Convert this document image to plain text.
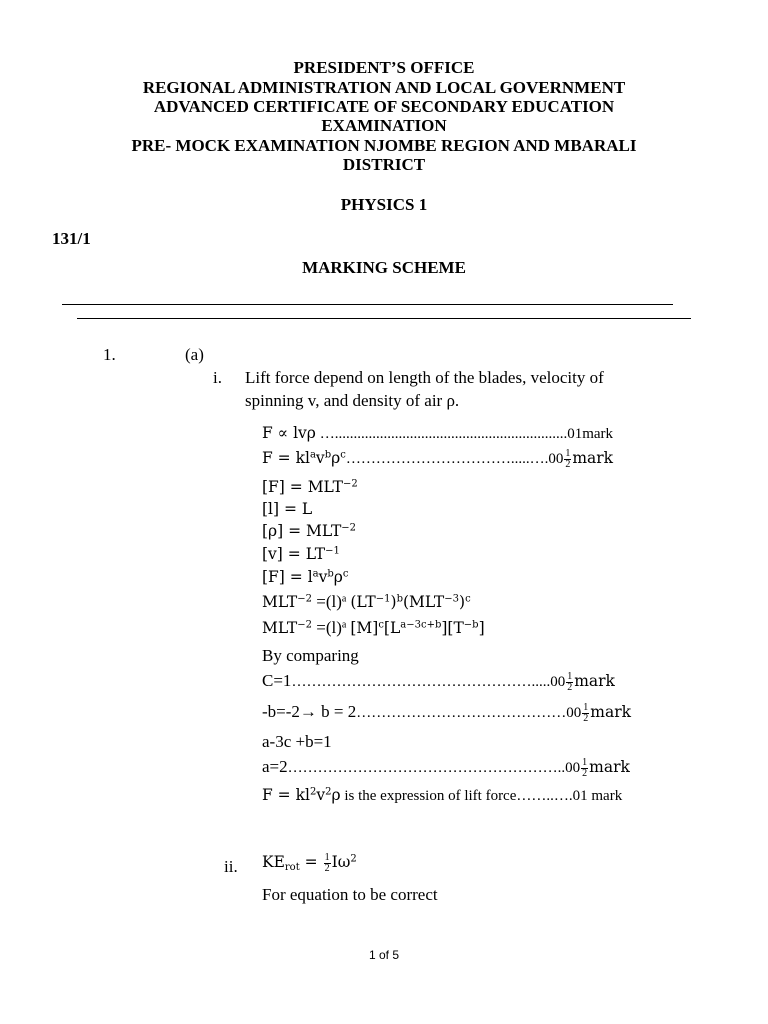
PRESIDENT’S OFFICE
REGIONAL ADMINISTRATION AND LOCAL GOVERNMENT
ADVANCED CERTIFICATE OF SECONDARY EDUCATION
EXAMINATION
PRE- MOCK EXAMINATION NJOMBE REGION AND MBARALI
DISTRICT
PHYSICS 1
131/1
MARKING SCHEME
1.	(a)
i. Lift force depend on length of the blades, velocity of
spinning v, and density of air ρ.
F ∝ lvρ …..............................................................01mark
$F = kl^av^b\rho^c\dots\dots\dots\dots\dots\dots\dots\dots\dots\dots\dots.....\dots.00 \frac{1}{2}$ mark
$[F] = MLT^{-2}$
[l] = L
$[\rho] = MLT^{-2}$
$[v] = LT^{-1}$
$[F] = l^av^b\rho^c$
$MLT^{-2} =(l)^a$ $(LT^{-1})^b(MLT^{-3})^c$
$MLT^{-2} =(l)^a$ $[M]^c[L^{a-3c+b}][T^{-b}]$
By comparing
C=1………………………………………….....00 $\frac{1}{2}$ mark
-b=-2→ b = 2……………………………………00 $\frac{1}{2}$ mark
a-3c +b=1
a=2………………………………………………..00 $\frac{1}{2}$ mark
$F = kl^2v^2\rho$ is the expression of lift force……..….01 mark
ii. $KE_{rot} = \frac{1}{2} I\omega^2$
For equation to be correct
1 of 5
